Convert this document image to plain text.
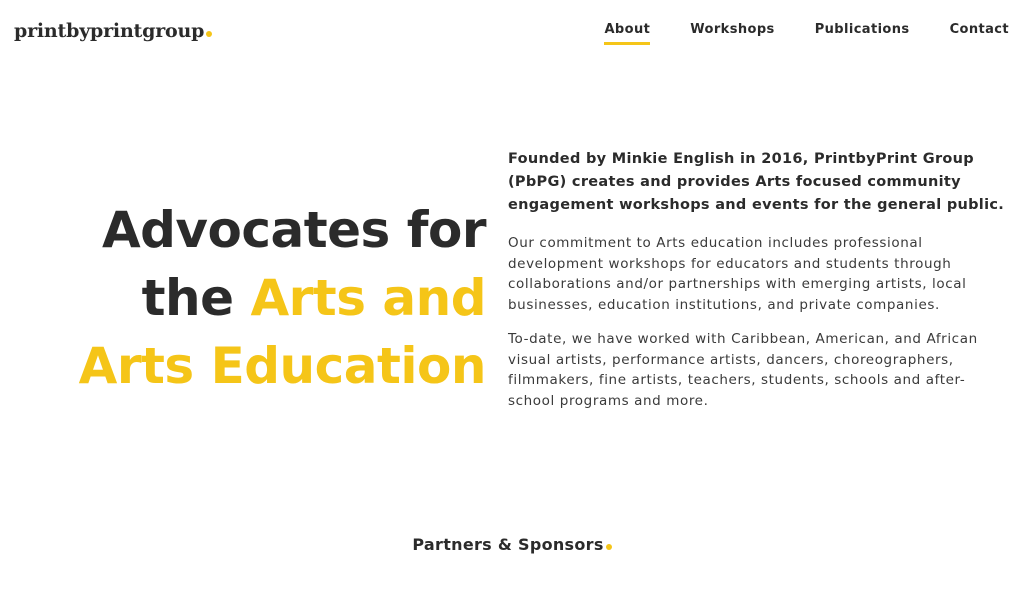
printbyprintgroup	About	Workshops	Publications	Contact
Advocates for
the Arts and
Arts Education

Founded by Minkie English in 2016, PrintbyPrint Group (PbPG) creates and provides Arts focused community engagement workshops and events for the general public.

Our commitment to Arts education includes professional development workshops for educators and students through collaborations and/or partnerships with emerging artists, local businesses, education institutions, and private companies.

To-date, we have worked with Caribbean, American, and African visual artists, performance artists, dancers, choreographers, filmmakers, fine artists, teachers, students, schools and after-school programs and more.

Partners & Sponsors
